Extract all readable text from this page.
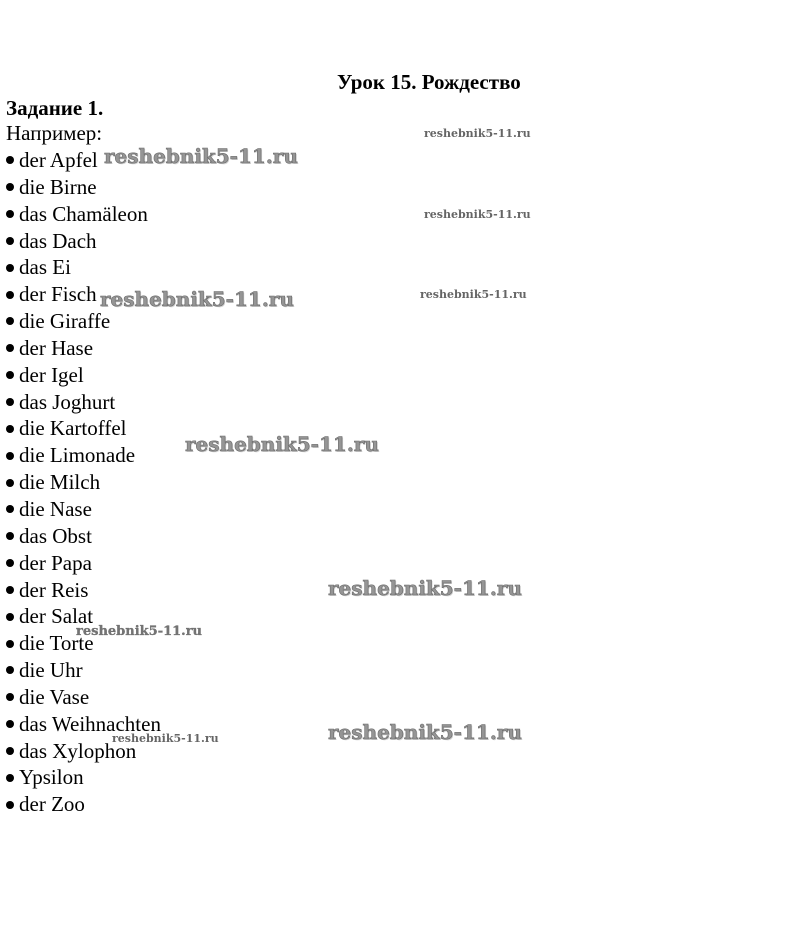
Урок 15. Рождество
Задание 1.
Например:
der Apfel
die Birne
das Chamäleon
das Dach
das Ei
der Fisch
die Giraffe
der Hase
der Igel
das Joghurt
die Kartoffel
die Limonade
die Milch
die Nase
das Obst
der Papa
der Reis
der Salat
die Torte
die Uhr
die Vase
das Weihnachten
das Xylophon
Ypsilon
der Zoo
reshebnik5-11.ru
reshebnik5-11.ru
reshebnik5-11.ru
reshebnik5-11.ru
reshebnik5-11.ru
reshebnik5-11.ru
reshebnik5-11.ru
reshebnik5-11.ru
reshebnik5-11.ru
reshebnik5-11.ru
